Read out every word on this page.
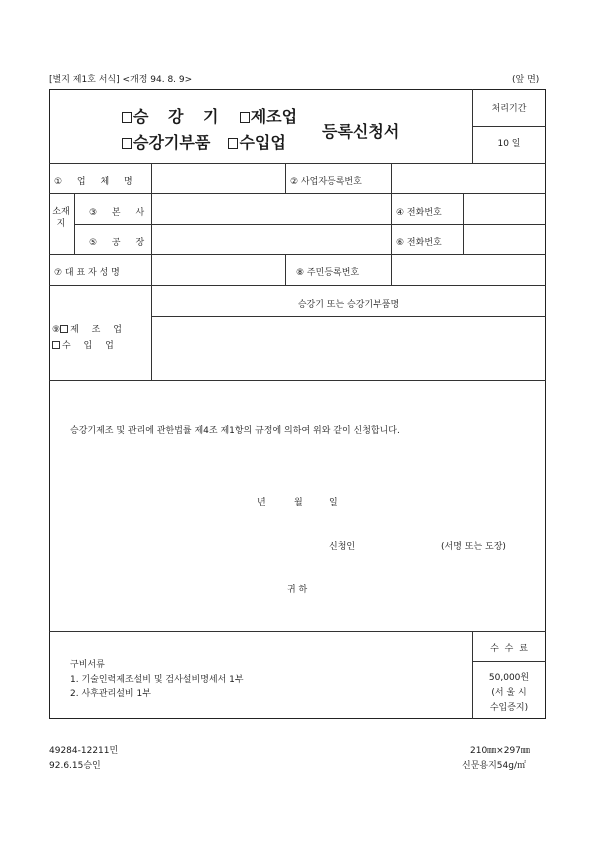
[별지 제1호 서식] <개정 94. 8. 9>	(앞 면)
승 강 기 제조업
승강기부품 수입업
등록신청서
처리기간
10 일
① 업 체 명	② 사업자등록번호
소재지
③ 본 사	④ 전화번호
⑤ 공 장	⑥ 전화번호
⑦ 대 표 자 성 명	⑧ 주민등록번호
⑨ 제 조 업
수 입 업
승강기 또는 승강기부품명
승강기제조 및 관리에 관한법률 제4조 제1항의 규정에 의하여 위와 같이 신청합니다.
년	월	일
신청인	(서명 또는 도장)
귀 하
구비서류
1. 기술인력제조설비 및 검사설비명세서 1부
2. 사후관리설비 1부
수 수 료
50,000원
(서 울 시
수입증지)
49284-12211민
92.6.15승인
210㎜×297㎜
신문용지54g/㎡
